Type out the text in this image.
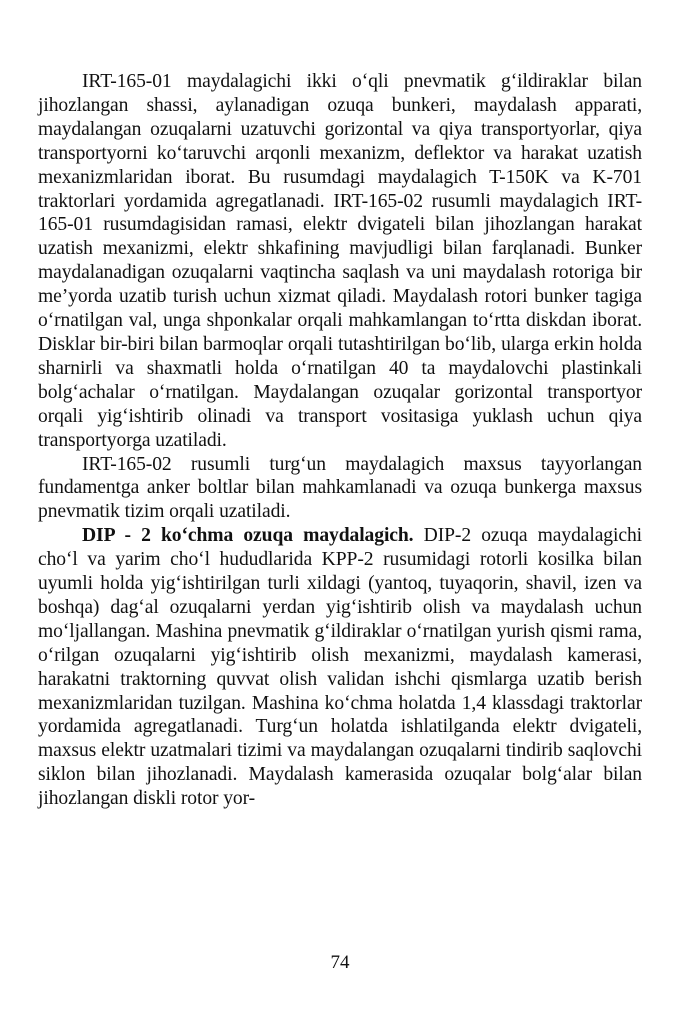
IRT-165-01 maydalagichi ikki o‘qli pnevmatik g‘ildiraklar bilan jihozlangan shassi, aylanadigan ozuqa bunkeri, maydalash apparati, maydalangan ozuqalarni uzatuvchi gorizontal va qiya transportyorlar, qiya transportyorni ko‘taruvchi arqonli mexanizm, deflektor va harakat uzatish mexanizmlaridan iborat. Bu rusumdagi maydalagich T-150K va K-701 traktorlari yordamida agregatlanadi. IRT-165-02 rusumli maydalagich IRT-165-01 rusumdagisidan ramasi, elektr dvigateli bilan jihozlangan harakat uzatish mexanizmi, elektr shkafining mavjudligi bilan farqlanadi. Bunker maydalanadigan ozuqalarni vaqtincha saqlash va uni maydalash rotoriga bir me’yorda uzatib turish uchun xizmat qiladi. Maydalash rotori bunker tagiga o‘rnatilgan val, unga shponkalar orqali mahkamlangan to‘rtta diskdan iborat. Disklar bir-biri bilan barmoqlar orqali tutashtirilgan bo‘lib, ularga erkin holda sharnirli va shaxmatli holda o‘rnatilgan 40 ta maydalovchi plastinkali bolg‘achalar o‘rnatilgan. Maydalangan ozuqalar gorizontal transportyor orqali yig‘ishtirib olinadi va transport vositasiga yuklash uchun qiya transportyorga uzatiladi.

IRT-165-02 rusumli turg‘un maydalagich maxsus tayyorlangan fundamentga anker boltlar bilan mahkamlanadi va ozuqa bunkerga maxsus pnevmatik tizim orqali uzatiladi.

DIP - 2 ko‘chma ozuqa maydalagich. DIP-2 ozuqa maydalagichi cho‘l va yarim cho‘l hududlarida KPP-2 rusumidagi rotorli kosilka bilan uyumli holda yig‘ishtirilgan turli xildagi (yantoq, tuyaqorin, shavil, izen va boshqa) dag‘al ozuqalarni yerdan yig‘ishtirib olish va maydalash uchun mo‘ljallangan. Mashina pnevmatik g‘ildiraklar o‘rnatilgan yurish qismi rama, o‘rilgan ozuqalarni yig‘ishtirib olish mexanizmi, maydalash kamerasi, harakatni traktorning quvvat olish validan ishchi qismlarga uzatib berish mexanizmlaridan tuzilgan. Mashina ko‘chma holatda 1,4 klassdagi traktorlar yordamida agregatlanadi. Turg‘un holatda ishlatilganda elektr dvigateli, maxsus elektr uzatmalari tizimi va maydalangan ozuqalarni tindirib saqlovchi siklon bilan jihozlanadi. Maydalash kamerasida ozuqalar bolg‘alar bilan jihozlangan diskli rotor yor-

74
